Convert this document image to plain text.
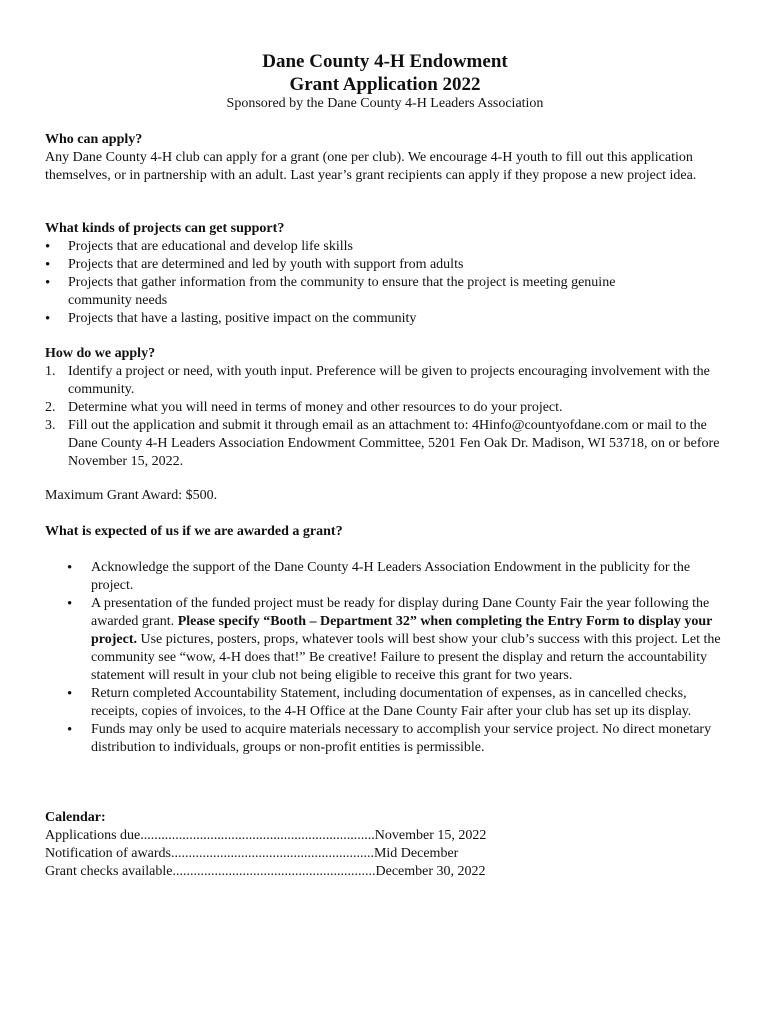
Dane County 4-H Endowment
Grant Application 2022
Sponsored by the Dane County 4-H Leaders Association
Who can apply?

Any Dane County 4-H club can apply for a grant (one per club). We encourage 4-H youth to fill out this application themselves, or in partnership with an adult. Last year’s grant recipients can apply if they propose a new project idea.

What kinds of projects can get support?
• Projects that are educational and develop life skills
• Projects that are determined and led by youth with support from adults
• Projects that gather information from the community to ensure that the project is meeting genuine community needs
• Projects that have a lasting, positive impact on the community
How do we apply?
1. Identify a project or need, with youth input. Preference will be given to projects encouraging involvement with the community.
2. Determine what you will need in terms of money and other resources to do your project.
3. Fill out the application and submit it through email as an attachment to: 4Hinfo@countyofdane.com or mail to the Dane County 4-H Leaders Association Endowment Committee, 5201 Fen Oak Dr. Madison, WI 53718, on or before November 15, 2022.
Maximum Grant Award: $500.
What is expected of us if we are awarded a grant?
• Acknowledge the support of the Dane County 4-H Leaders Association Endowment in the publicity for the project.
• A presentation of the funded project must be ready for display during Dane County Fair the year following the awarded grant. Please specify “Booth – Department 32” when completing the Entry Form to display your project. Use pictures, posters, props, whatever tools will best show your club’s success with this project. Let the community see “wow, 4-H does that!” Be creative! Failure to present the display and return the accountability statement will result in your club not being eligible to receive this grant for two years.
• Return completed Accountability Statement, including documentation of expenses, as in cancelled checks, receipts, copies of invoices, to the 4-H Office at the Dane County Fair after your club has set up its display.
• Funds may only be used to acquire materials necessary to accomplish your service project. No direct monetary distribution to individuals, groups or non-profit entities is permissible.
Calendar:
Applications due ................................................................... November 15, 2022
Notification of awards .......................................................... Mid December
Grant checks available .......................................................... December 30, 2022
